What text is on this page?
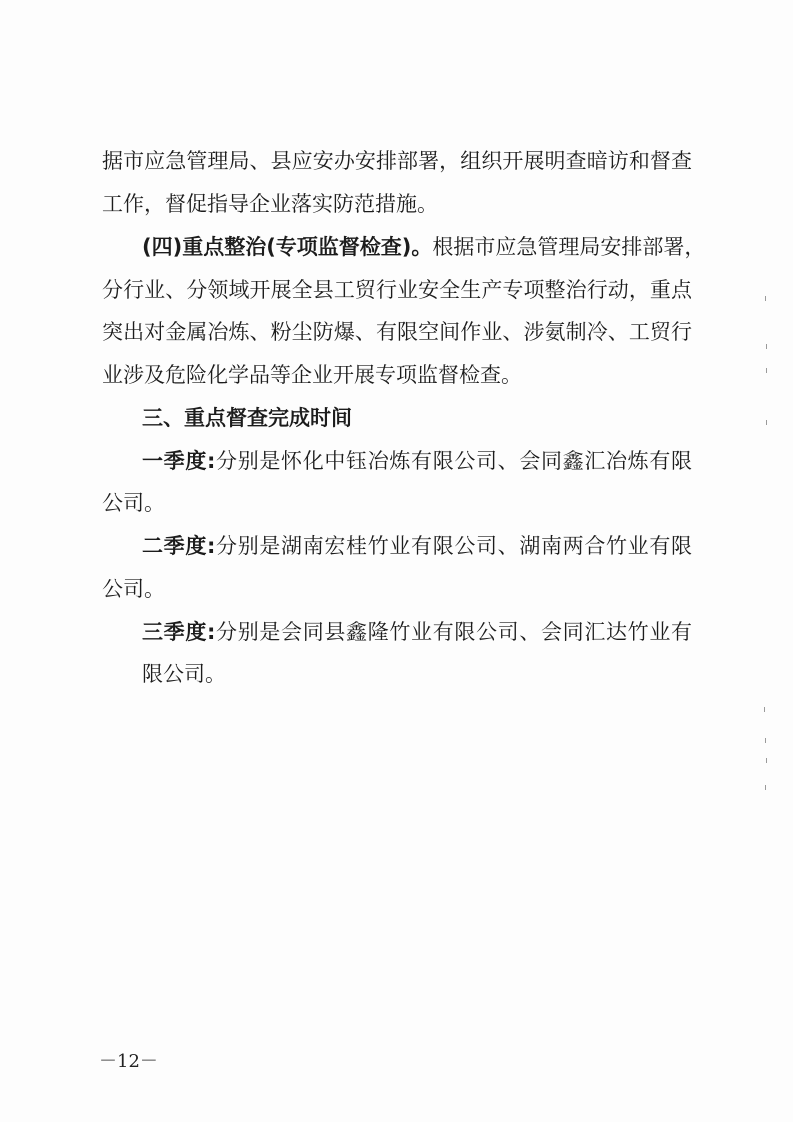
据市应急管理局、县应安办安排部署，组织开展明查暗访和督查
工作，督促指导企业落实防范措施。
(四)重点整治(专项监督检查)。根据市应急管理局安排部署，
分行业、分领域开展全县工贸行业安全生产专项整治行动，重点
突出对金属冶炼、粉尘防爆、有限空间作业、涉氨制冷、工贸行
业涉及危险化学品等企业开展专项监督检查。
三、重点督查完成时间
一季度:分别是怀化中钰冶炼有限公司、会同鑫汇冶炼有限
公司。
二季度:分别是湖南宏桂竹业有限公司、湖南两合竹业有限
公司。
三季度:分别是会同县鑫隆竹业有限公司、会同汇达竹业有
限公司。
－12－
